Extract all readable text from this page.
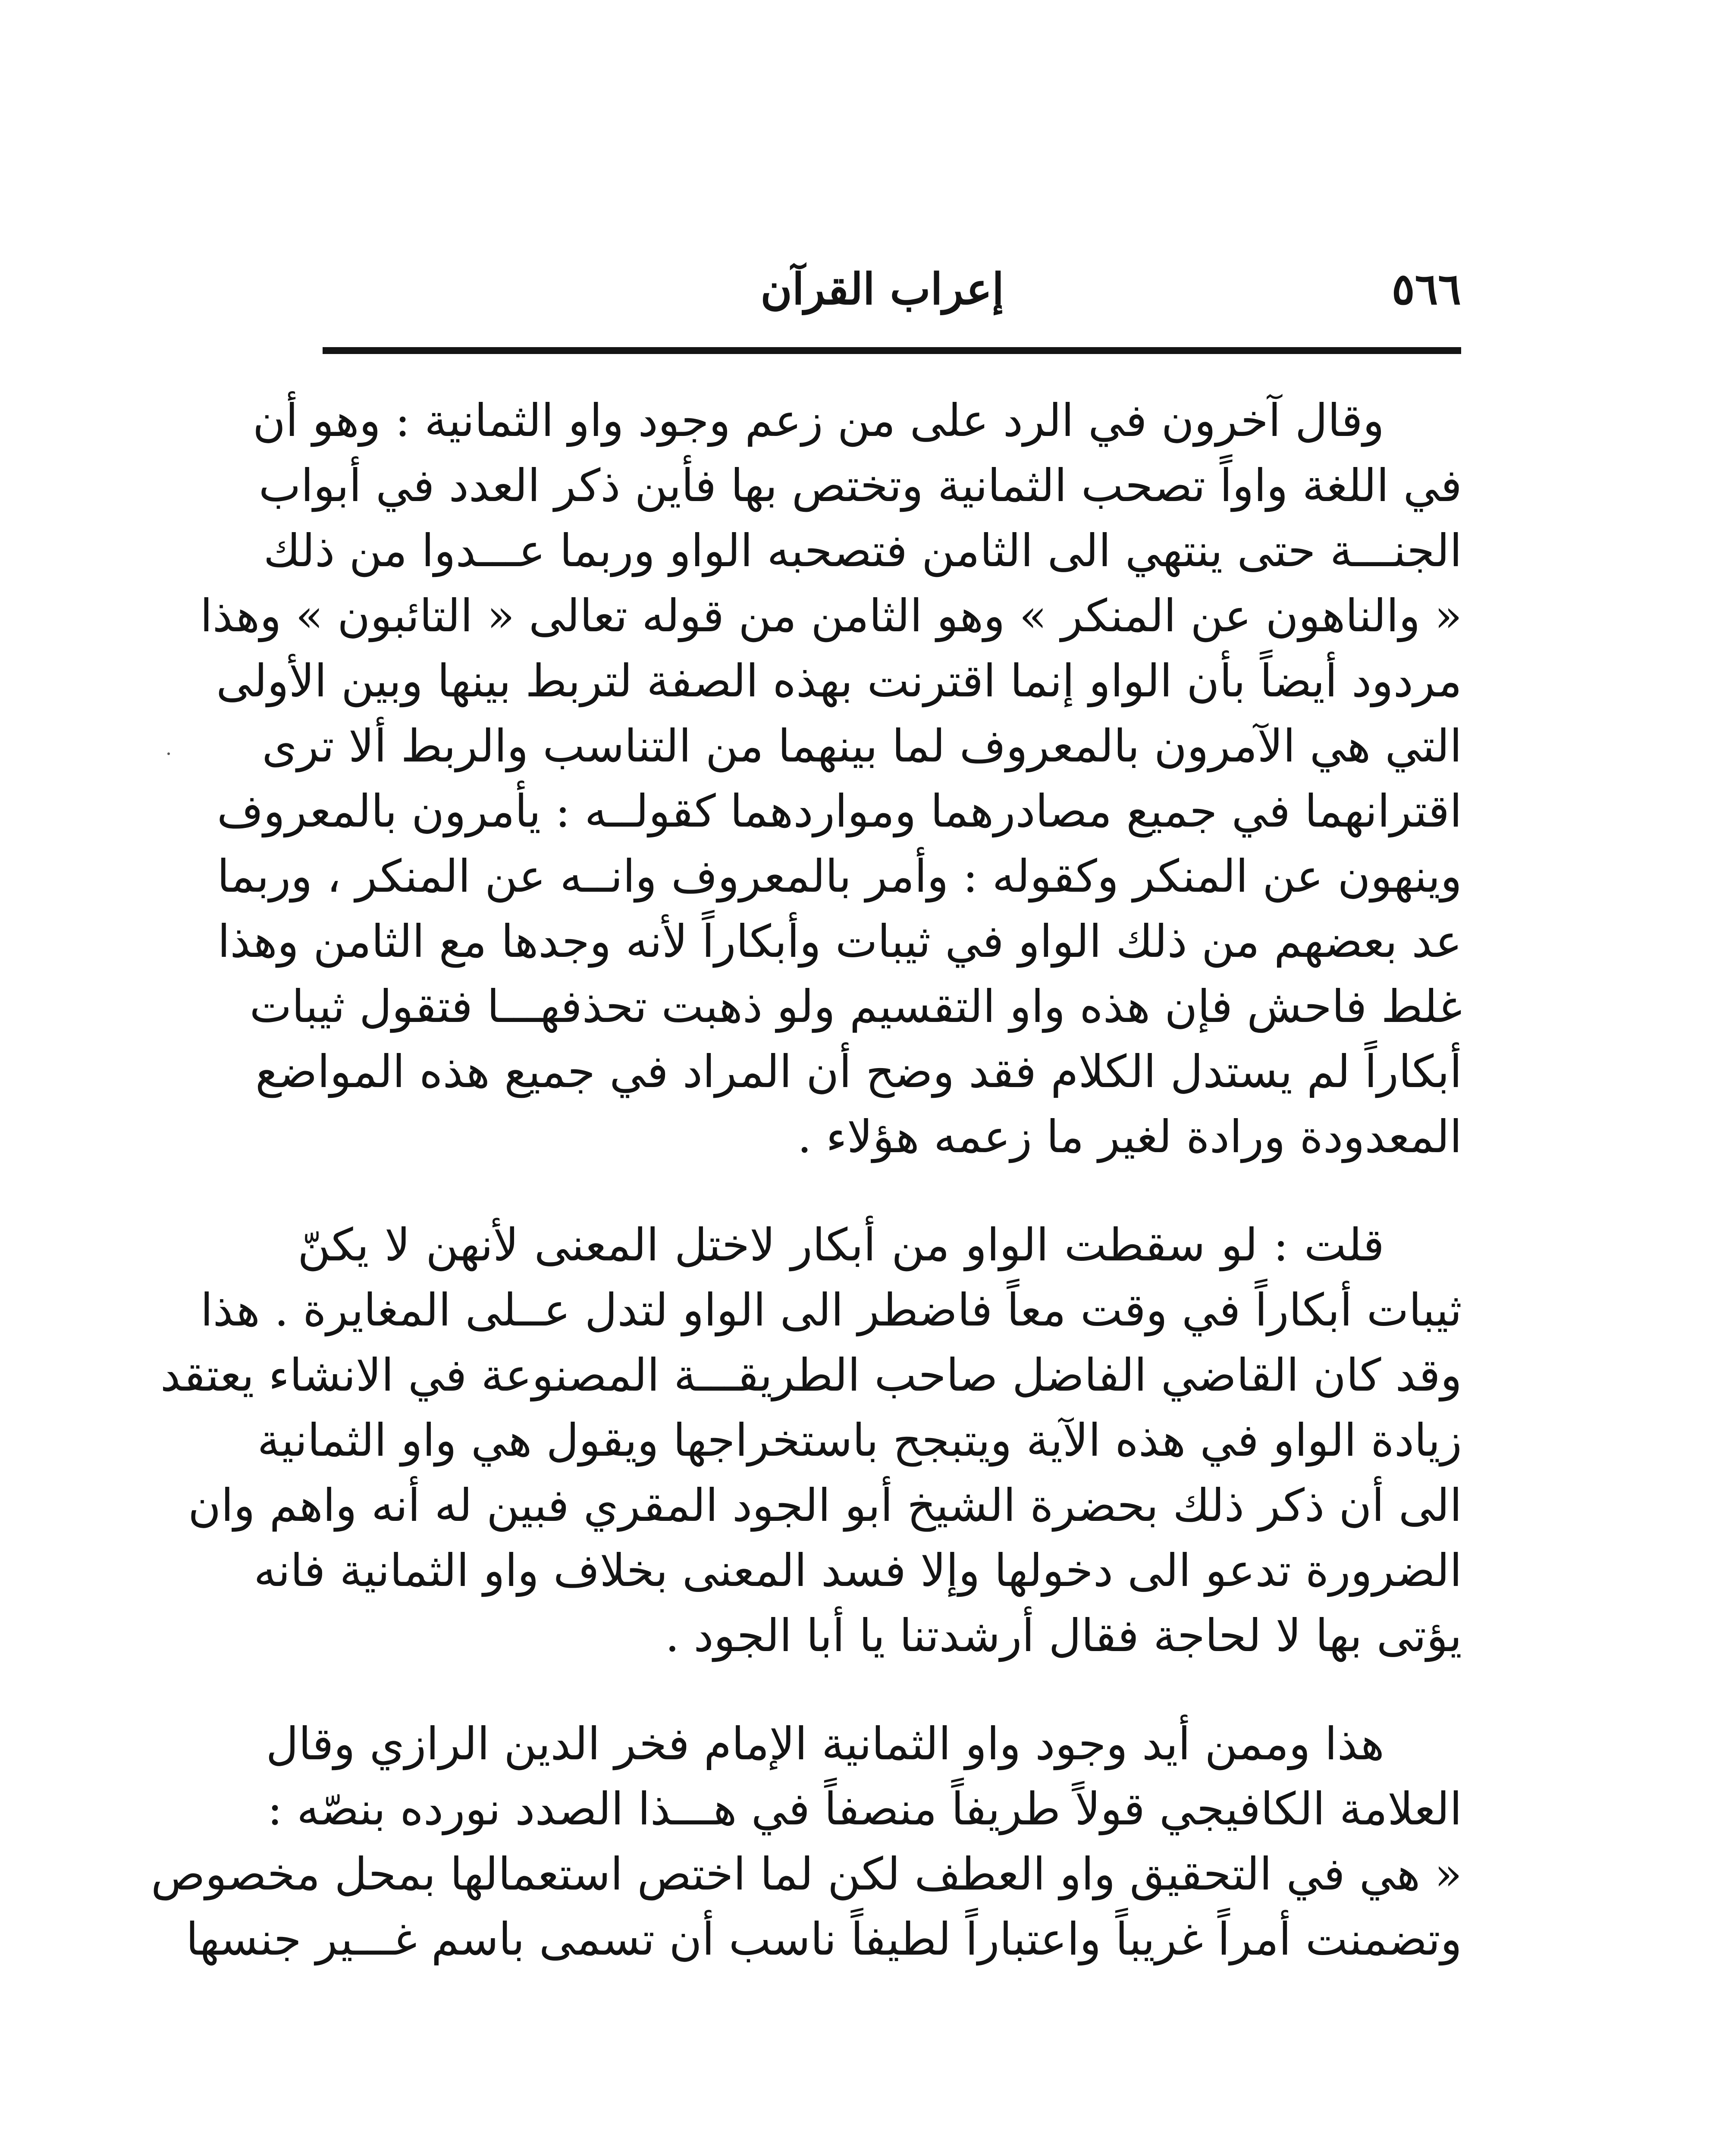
٥٦٦
إعراب القرآن
وقال آخرون في الرد على من زعم وجود واو الثمانية : وهو أن
في اللغة واواً تصحب الثمانية وتختص بها فأين ذكر العدد في أبواب
الجنـــة حتى ينتهي الى الثامن فتصحبه الواو وربما عـــدوا من ذلك
« والناهون عن المنكر » وهو الثامن من قوله تعالى « التائبون » وهذا
مردود أيضاً بأن الواو إنما اقترنت بهذه الصفة لتربط بينها وبين الأولى
التي هي الآمرون بالمعروف لما بينهما من التناسب والربط ألا ترى
اقترانهما في جميع مصادرهما ومواردهما كقولــه : يأمرون بالمعروف
وينهون عن المنكر وكقوله : وأمر بالمعروف وانــه عن المنكر ، وربما
عد بعضهم من ذلك الواو في ثيبات وأبكاراً لأنه وجدها مع الثامن وهذا
غلط فاحش فإن هذه واو التقسيم ولو ذهبت تحذفهـــا فتقول ثيبات
أبكاراً لم يستدل الكلام فقد وضح أن المراد في جميع هذه المواضع
المعدودة ورادة لغير ما زعمه هؤلاء .
قلت : لو سقطت الواو من أبكار لاختل المعنى لأنهن لا يكنّ
ثيبات أبكاراً في وقت معاً فاضطر الى الواو لتدل عــلى المغايرة . هذا
وقد كان القاضي الفاضل صاحب الطريقـــة المصنوعة في الانشاء يعتقد
زيادة الواو في هذه الآية ويتبجح باستخراجها ويقول هي واو الثمانية
الى أن ذكر ذلك بحضرة الشيخ أبو الجود المقري فبين له أنه واهم وان
الضرورة تدعو الى دخولها وإلا فسد المعنى بخلاف واو الثمانية فانه
يؤتى بها لا لحاجة فقال أرشدتنا يا أبا الجود .
هذا وممن أيد وجود واو الثمانية الإمام فخر الدين الرازي وقال
العلامة الكافيجي قولاً طريفاً منصفاً في هـــذا الصدد نورده بنصّه :
« هي في التحقيق واو العطف لكن لما اختص استعمالها بمحل مخصوص
وتضمنت أمراً غريباً واعتباراً لطيفاً ناسب أن تسمى باسم غـــير جنسها
